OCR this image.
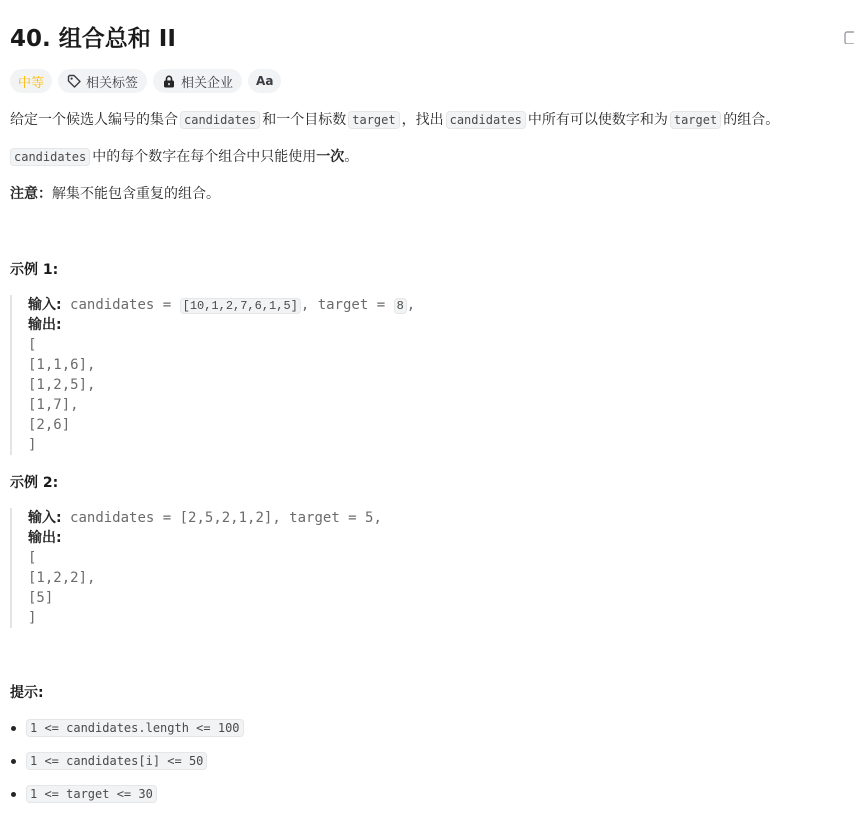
40. 组合总和 II
中等	相关标签	相关企业	Aa
给定一个候选人编号的集合 candidates 和一个目标数 target ，找出 candidates 中所有可以使数字和为 target 的组合。
candidates 中的每个数字在每个组合中只能使用一次。
注意：解集不能包含重复的组合。
示例 1:
输入: candidates = [10,1,2,7,6,1,5] , target = 8 ,
输出:
[
[1,1,6],
[1,2,5],
[1,7],
[2,6]
]
示例 2:
输入: candidates = [2,5,2,1,2], target = 5,
输出:
[
[1,2,2],
[5]
]
提示:
1 <= candidates.length <= 100
1 <= candidates[i] <= 50
1 <= target <= 30
